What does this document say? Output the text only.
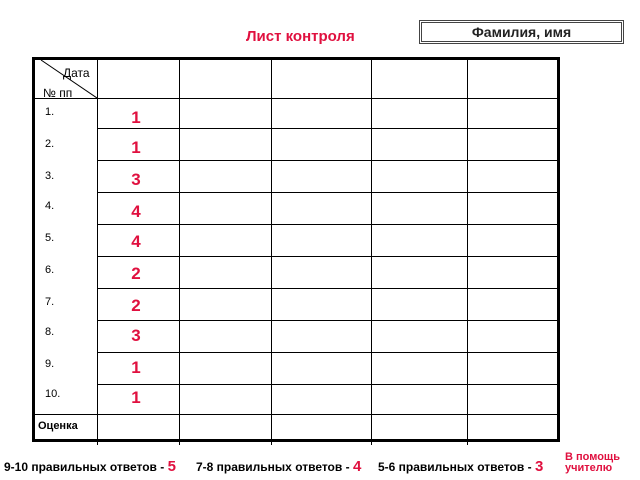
Лист контроля	Фамилия, имя
Дата
№ пп
1.
2.
3.
4.
5.
6.
7.
8.
9.
10.
1
1
3
4
4
2
2
3
1
1
Оценка
9-10 правильных ответов - 5 7-8 правильных ответов - 4 5-6 правильных ответов - 3
В помощь
учителю
